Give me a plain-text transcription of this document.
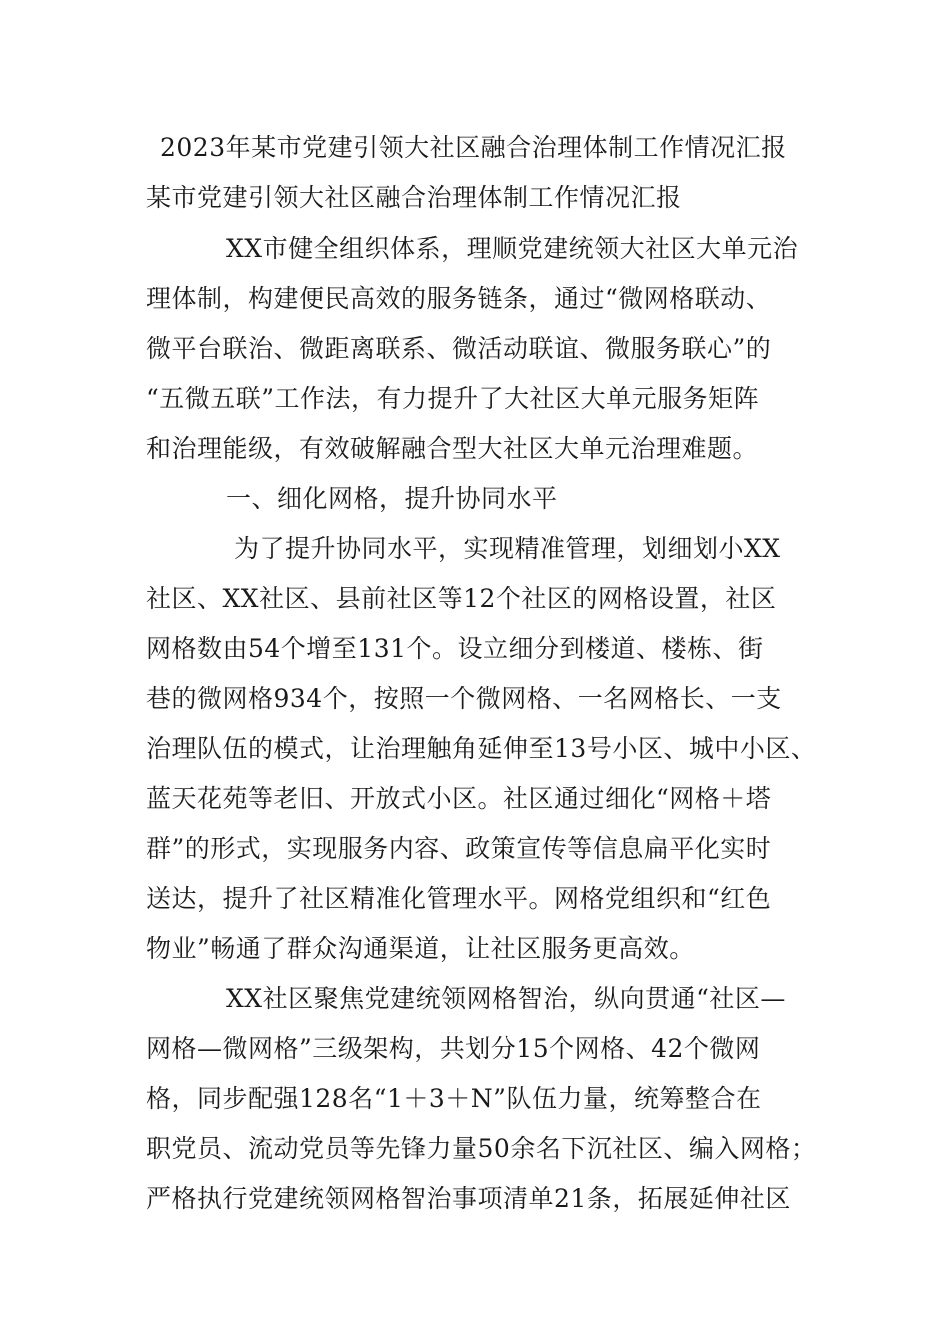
2023年某市党建引领大社区融合治理体制工作情况汇报
某市党建引领大社区融合治理体制工作情况汇报
XX市健全组织体系，理顺党建统领大社区大单元治
理体制，构建便民高效的服务链条，通过“微网格联动、
微平台联治、微距离联系、微活动联谊、微服务联心”的
“五微五联”工作法，有力提升了大社区大单元服务矩阵
和治理能级，有效破解融合型大社区大单元治理难题。
一、细化网格，提升协同水平
为了提升协同水平，实现精准管理，划细划小XX
社区、XX社区、县前社区等12个社区的网格设置，社区
网格数由54个增至131个。设立细分到楼道、楼栋、街
巷的微网格934个，按照一个微网格、一名网格长、一支
治理队伍的模式，让治理触角延伸至13号小区、城中小区、
蓝天花苑等老旧、开放式小区。社区通过细化“网格＋塔
群”的形式，实现服务内容、政策宣传等信息扁平化实时
送达，提升了社区精准化管理水平。网格党组织和“红色
物业”畅通了群众沟通渠道，让社区服务更高效。
XX社区聚焦党建统领网格智治，纵向贯通“社区—
网格—微网格”三级架构，共划分15个网格、42个微网
格，同步配强128名“1＋3＋N”队伍力量，统筹整合在
职党员、流动党员等先锋力量50余名下沉社区、编入网格；
严格执行党建统领网格智治事项清单21条，拓展延伸社区
